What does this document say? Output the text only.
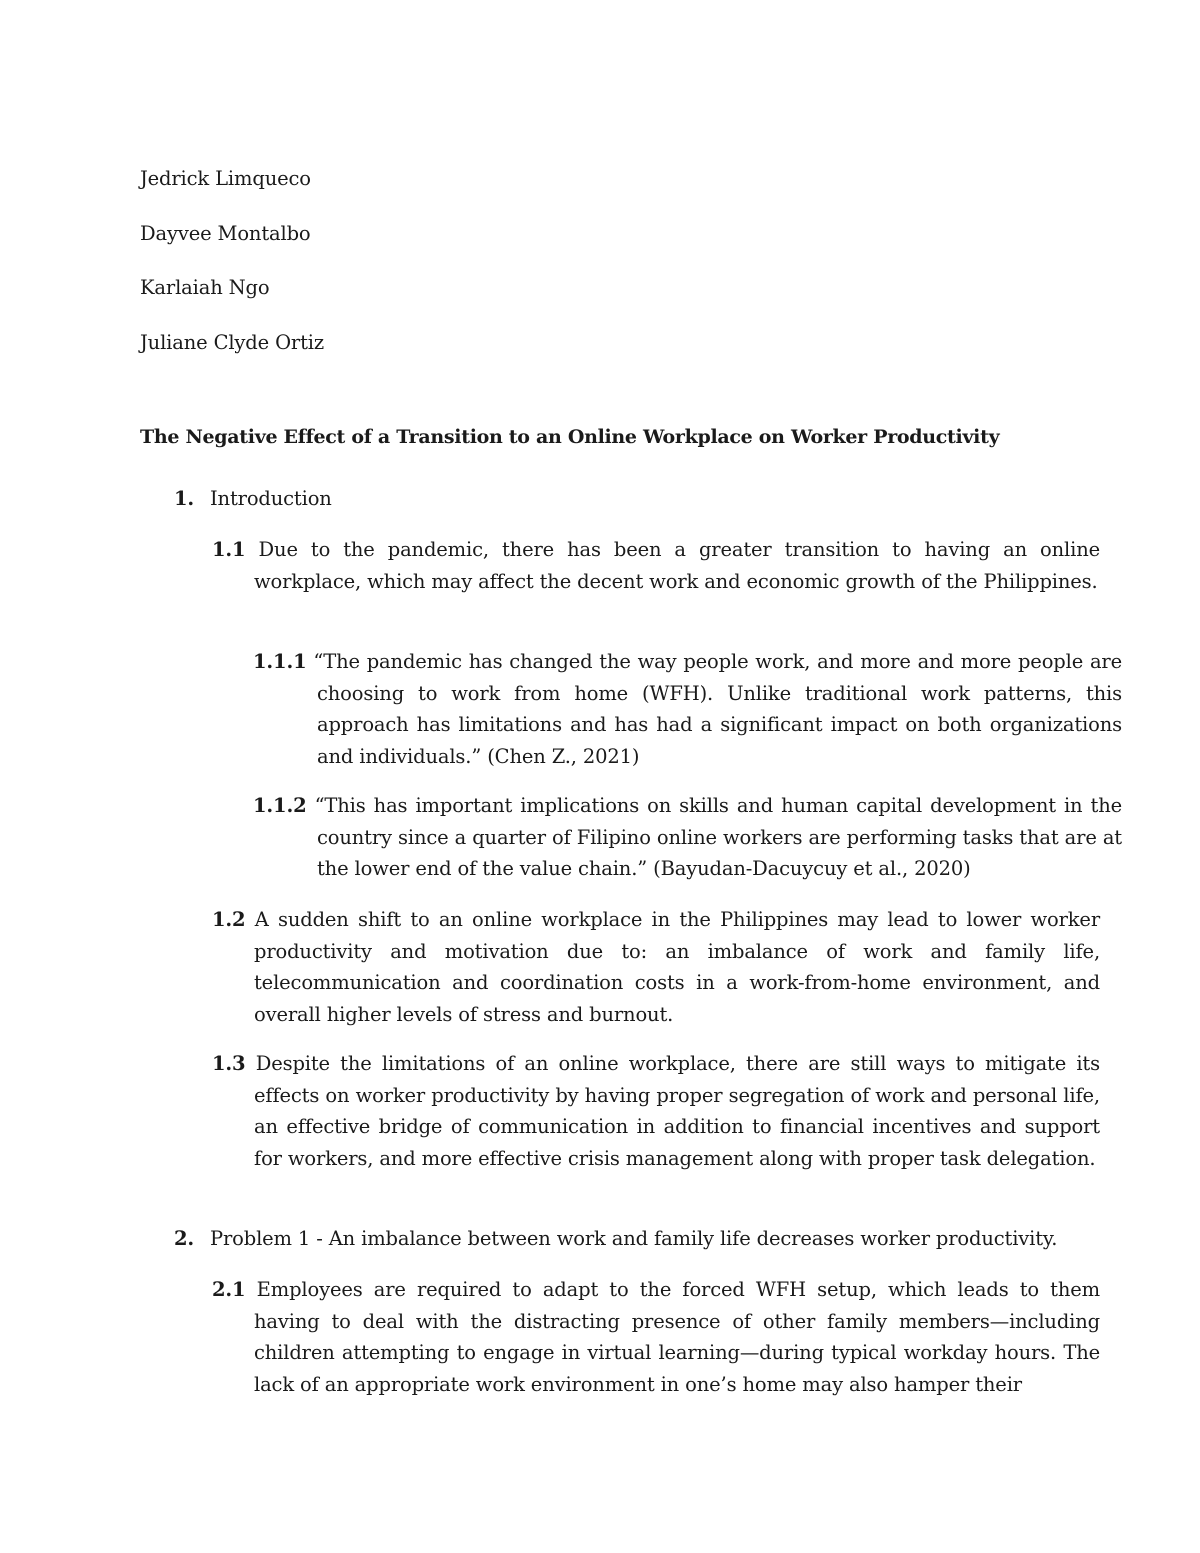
Jedrick Limqueco

Dayvee Montalbo

Karlaiah Ngo

Juliane Clyde Ortiz

The Negative Effect of a Transition to an Online Workplace on Worker Productivity

1. Introduction

1.1 Due to the pandemic, there has been a greater transition to having an online workplace, which may affect the decent work and economic growth of the Philippines.

1.1.1 “The pandemic has changed the way people work, and more and more people are choosing to work from home (WFH). Unlike traditional work patterns, this approach has limitations and has had a significant impact on both organizations and individuals.” (Chen Z., 2021)

1.1.2 “This has important implications on skills and human capital development in the country since a quarter of Filipino online workers are performing tasks that are at the lower end of the value chain.” (Bayudan-Dacuycuy et al., 2020)

1.2 A sudden shift to an online workplace in the Philippines may lead to lower worker productivity and motivation due to: an imbalance of work and family life, telecommunication and coordination costs in a work-from-home environment, and overall higher levels of stress and burnout.

1.3 Despite the limitations of an online workplace, there are still ways to mitigate its effects on worker productivity by having proper segregation of work and personal life, an effective bridge of communication in addition to financial incentives and support for workers, and more effective crisis management along with proper task delegation.

2. Problem 1 - An imbalance between work and family life decreases worker productivity.

2.1 Employees are required to adapt to the forced WFH setup, which leads to them having to deal with the distracting presence of other family members—including children attempting to engage in virtual learning—during typical workday hours. The lack of an appropriate work environment in one’s home may also hamper their
